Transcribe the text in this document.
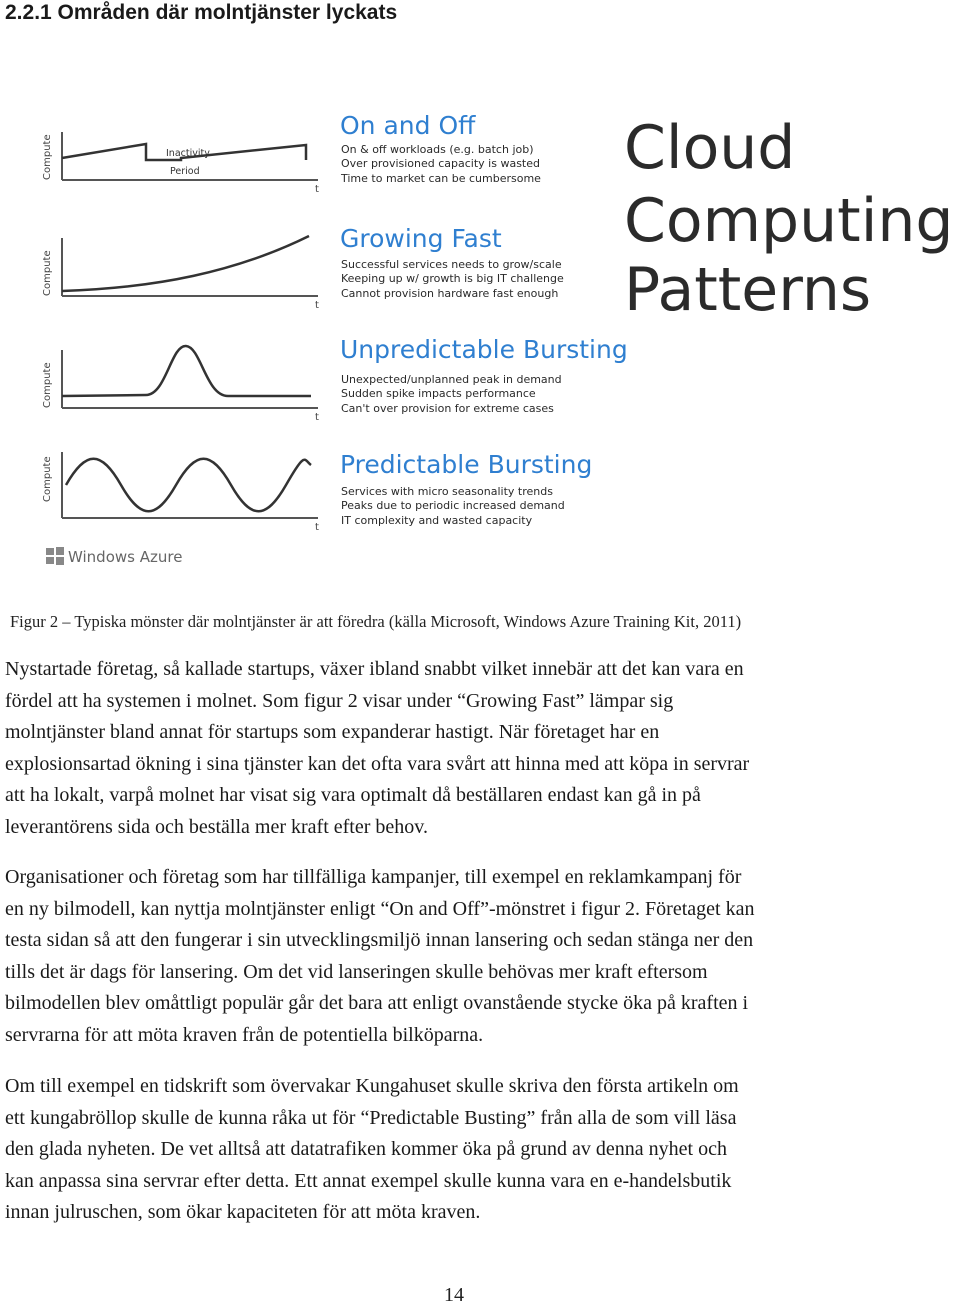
2.2.1 Områden där molntjänster lyckats
Compute
t
Inactivity
Period
On and Off
On & off workloads (e.g. batch job)
Over provisioned capacity is wasted
Time to market can be cumbersome
Compute
t
Growing Fast
Successful services needs to grow/scale
Keeping up w/ growth is big IT challenge
Cannot provision hardware fast enough
Compute
t
Unpredictable Bursting
Unexpected/unplanned peak in demand
Sudden spike impacts performance
Can't over provision for extreme cases
Compute
t
Predictable Bursting
Services with micro seasonality trends
Peaks due to periodic increased demand
IT complexity and wasted capacity
Cloud
Computing
Patterns
Windows Azure

Figur 2 – Typiska mönster där molntjänster är att föredra (källa Microsoft, Windows Azure Training Kit, 2011)

Nystartade företag, så kallade startups, växer ibland snabbt vilket innebär att det kan vara en
fördel att ha systemen i molnet. Som figur 2 visar under “Growing Fast” lämpar sig
molntjänster bland annat för startups som expanderar hastigt. När företaget har en
explosionsartad ökning i sina tjänster kan det ofta vara svårt att hinna med att köpa in servrar
att ha lokalt, varpå molnet har visat sig vara optimalt då beställaren endast kan gå in på
leverantörens sida och beställa mer kraft efter behov.
Organisationer och företag som har tillfälliga kampanjer, till exempel en reklamkampanj för
en ny bilmodell, kan nyttja molntjänster enligt “On and Off”-mönstret i figur 2. Företaget kan
testa sidan så att den fungerar i sin utvecklingsmiljö innan lansering och sedan stänga ner den
tills det är dags för lansering. Om det vid lanseringen skulle behövas mer kraft eftersom
bilmodellen blev omåttligt populär går det bara att enligt ovanstående stycke öka på kraften i
servrarna för att möta kraven från de potentiella bilköparna.
Om till exempel en tidskrift som övervakar Kungahuset skulle skriva den första artikeln om
ett kungabröllop skulle de kunna råka ut för “Predictable Busting” från alla de som vill läsa
den glada nyheten. De vet alltså att datatrafiken kommer öka på grund av denna nyhet och
kan anpassa sina servrar efter detta. Ett annat exempel skulle kunna vara en e-handelsbutik
innan julruschen, som ökar kapaciteten för att möta kraven.
14
